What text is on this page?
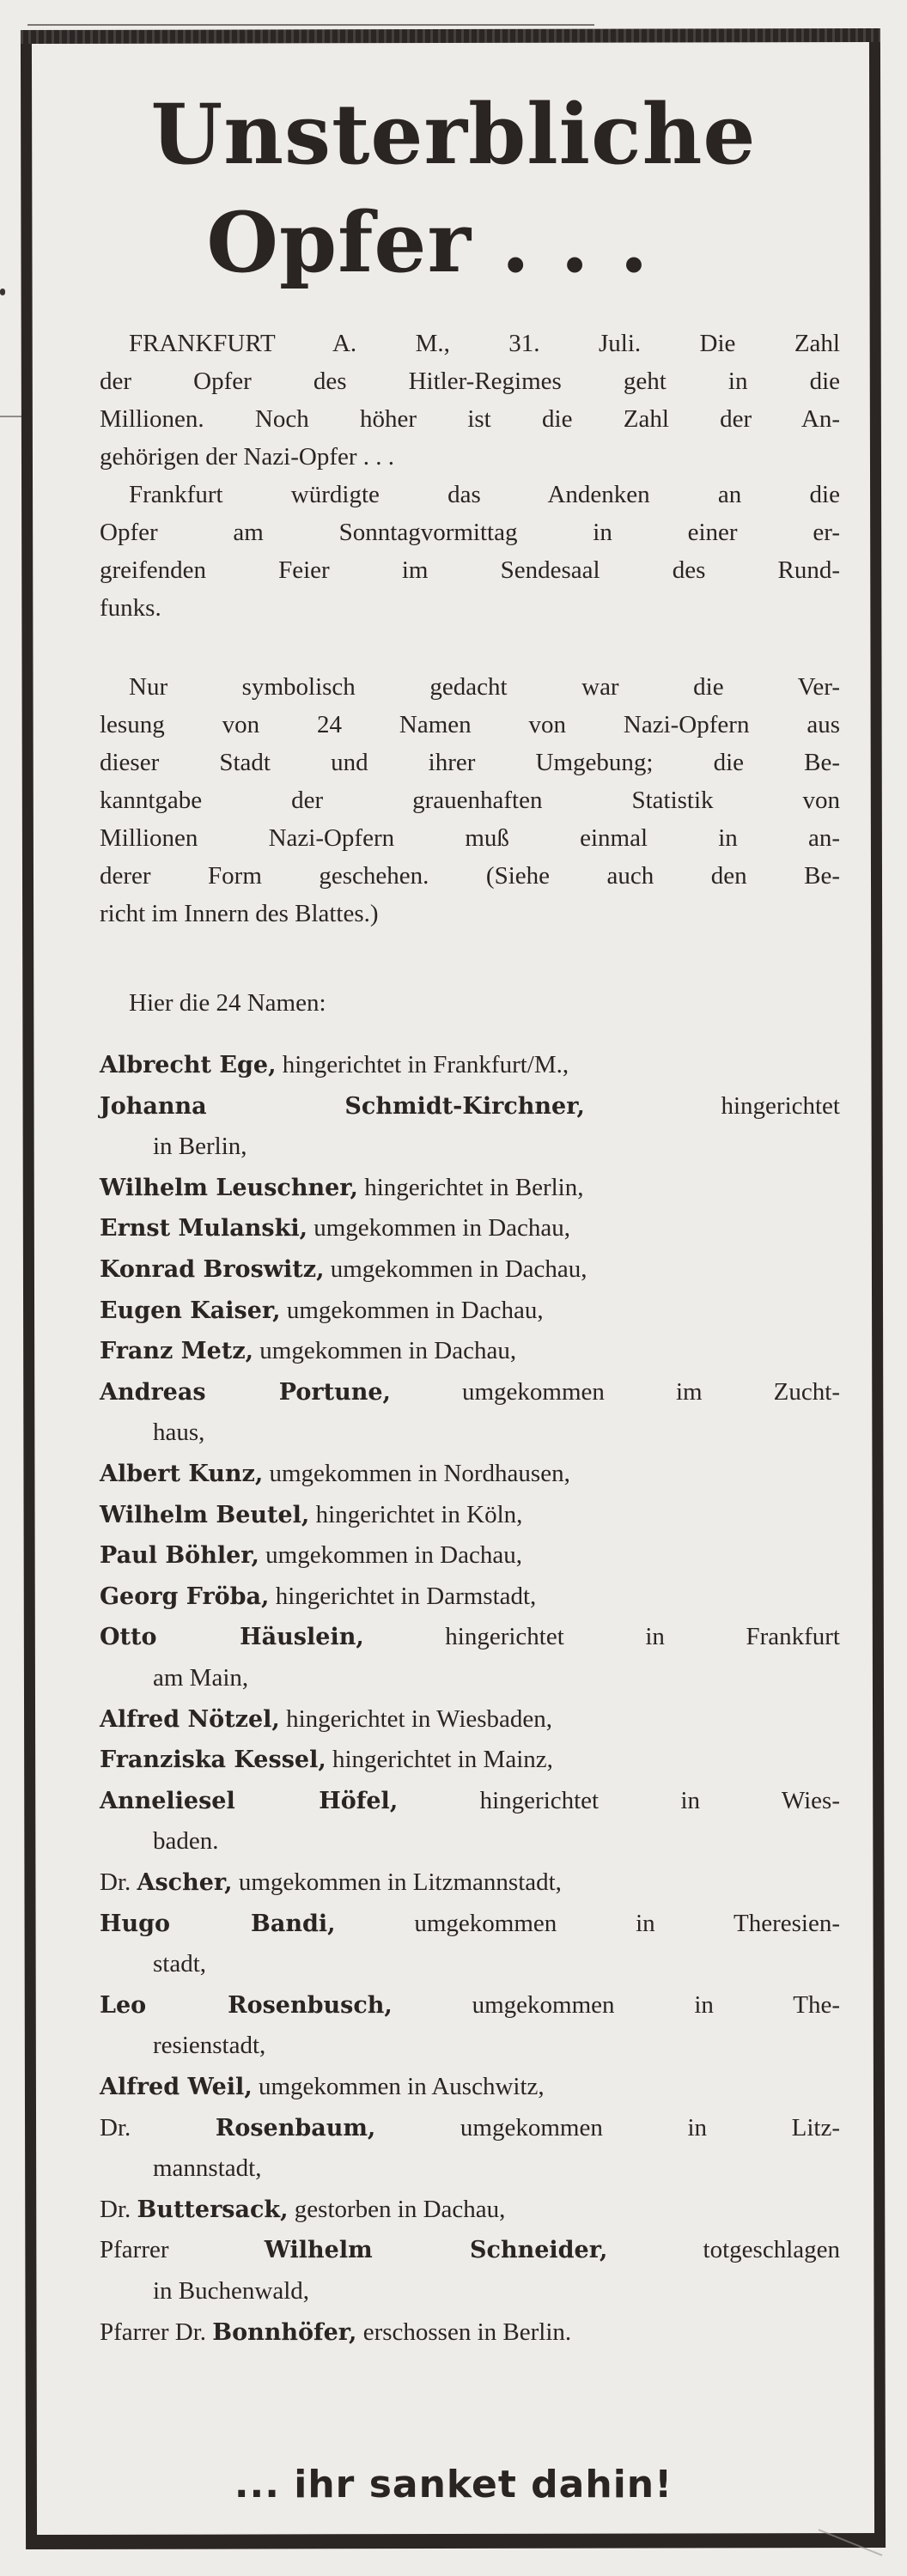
Unsterbliche
Opfer . . .
FRANKFURT A. M., 31. Juli. Die Zahl
der Opfer des Hitler-Regimes geht in die
Millionen. Noch höher ist die Zahl der An-
gehörigen der Nazi-Opfer . . .
Frankfurt würdigte das Andenken an die
Opfer am Sonntagvormittag in einer er-
greifenden Feier im Sendesaal des Rund-
funks.
Nur symbolisch gedacht war die Ver-
lesung von 24 Namen von Nazi-Opfern aus
dieser Stadt und ihrer Umgebung; die Be-
kanntgabe der grauenhaften Statistik von
Millionen Nazi-Opfern muß einmal in an-
derer Form geschehen. (Siehe auch den Be-
richt im Innern des Blattes.)
Hier die 24 Namen:
Albrecht Ege, hingerichtet in Frankfurt/M.,
Johanna Schmidt-Kirchner, hingerichtet
in Berlin,
Wilhelm Leuschner, hingerichtet in Berlin,
Ernst Mulanski, umgekommen in Dachau,
Konrad Broswitz, umgekommen in Dachau,
Eugen Kaiser, umgekommen in Dachau,
Franz Metz, umgekommen in Dachau,
Andreas Portune, umgekommen im Zucht-
haus,
Albert Kunz, umgekommen in Nordhausen,
Wilhelm Beutel, hingerichtet in Köln,
Paul Böhler, umgekommen in Dachau,
Georg Fröba, hingerichtet in Darmstadt,
Otto Häuslein, hingerichtet in Frankfurt
am Main,
Alfred Nötzel, hingerichtet in Wiesbaden,
Franziska Kessel, hingerichtet in Mainz,
Anneliesel Höfel, hingerichtet in Wies-
baden.
Dr. Ascher, umgekommen in Litzmannstadt,
Hugo Bandi, umgekommen in Theresien-
stadt,
Leo Rosenbusch, umgekommen in The-
resienstadt,
Alfred Weil, umgekommen in Auschwitz,
Dr. Rosenbaum, umgekommen in Litz-
mannstadt,
Dr. Buttersack, gestorben in Dachau,
Pfarrer Wilhelm Schneider, totgeschlagen
in Buchenwald,
Pfarrer Dr. Bonnhöfer, erschossen in Berlin.
... ihr sanket dahin!
